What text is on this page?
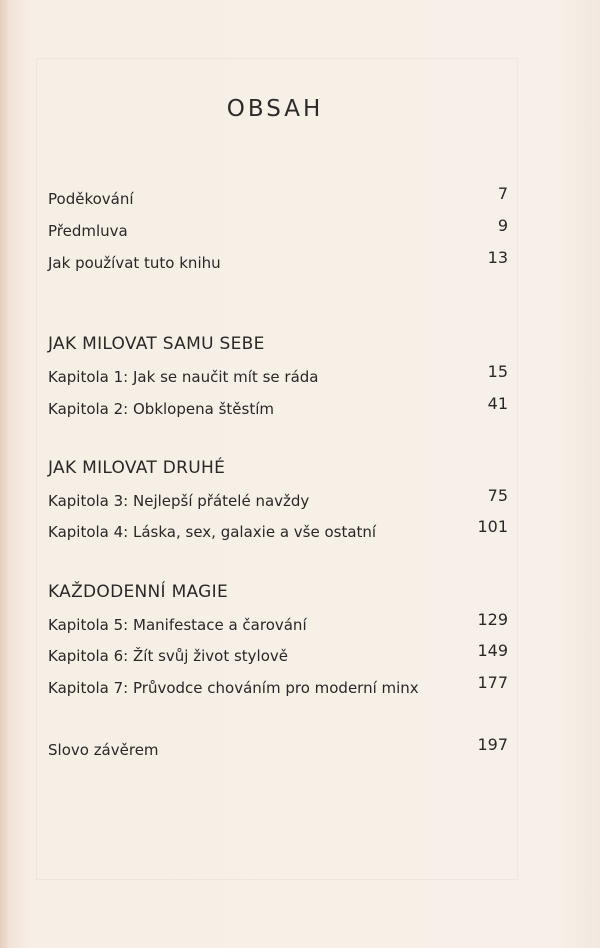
OBSAH
Poděkování	7
Předmluva	9
Jak používat tuto knihu	13
JAK MILOVAT SAMU SEBE
Kapitola 1: Jak se naučit mít se ráda	15
Kapitola 2: Obklopena štěstím	41
JAK MILOVAT DRUHÉ
Kapitola 3: Nejlepší přátelé navždy	75
Kapitola 4: Láska, sex, galaxie a vše ostatní	101
KAŽDODENNÍ MAGIE
Kapitola 5: Manifestace a čarování	129
Kapitola 6: Žít svůj život stylově	149
Kapitola 7: Průvodce chováním pro moderní minx	177
Slovo závěrem	197
